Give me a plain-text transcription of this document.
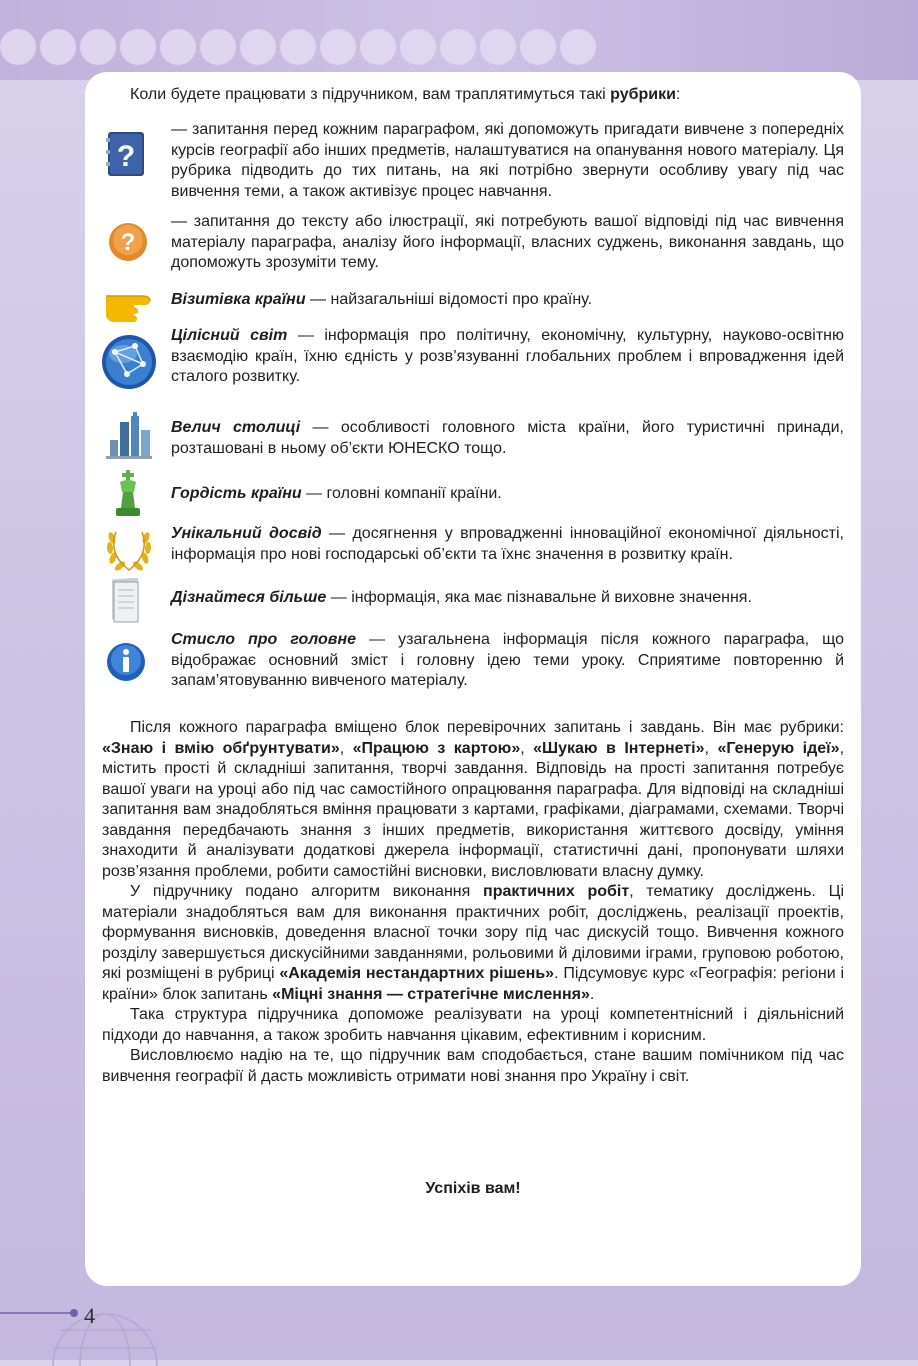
Коли будете працювати з підручником, вам траплятимуться такі рубрики:
?
— запитання перед кожним параграфом, які допоможуть пригадати вивчене з попередніх курсів географії або інших предметів, налаштуватися на опанування нового матеріалу. Ця рубрика підводить до тих питань, на які потрібно звернути особливу увагу під час вивчення теми, а також активізує процес навчання.
?
— запитання до тексту або ілюстрації, які потребують вашої відповіді під час вивчення матеріалу параграфа, аналізу його інформації, власних суджень, виконання завдань, що допоможуть зрозуміти тему.
Візитівка країни — найзагальніші відомості про країну.
Цілісний світ — інформація про політичну, економічну, культурну, науково-освітню взаємодію країн, їхню єдність у розв’язуванні глобальних проблем і впровадження ідей сталого розвитку.
Велич столиці — особливості головного міста країни, його туристичні принади, розташовані в ньому об’єкти ЮНЕСКО тощо.
Гордість країни — головні компанії країни.
Унікальний досвід — досягнення у впровадженні інноваційної економічної діяльності, інформація про нові господарські об’єкти та їхнє значення в розвитку країн.
Дізнайтеся більше — інформація, яка має пізнавальне й виховне значення.
Стисло про головне — узагальнена інформація після кожного параграфа, що відображає основний зміст і головну ідею теми уроку. Сприятиме повторенню й запам’ятовуванню вивченого матеріалу.

Після кожного параграфа вміщено блок перевірочних запитань і завдань. Він має рубрики: «Знаю і вмію обґрунтувати», «Працюю з картою», «Шукаю в Інтернеті», «Генерую ідеї», містить прості й складніші запитання, творчі завдання. Відповідь на прості запитання потребує вашої уваги на уроці або під час самостійного опрацювання параграфа. Для відповіді на складніші запитання вам знадобляться вміння працювати з картами, графіками, діаграмами, схемами. Творчі завдання передбачають знання з інших предметів, використання життєвого досвіду, уміння знаходити й аналізувати додаткові джерела інформації, статистичні дані, пропонувати шляхи розв’язання проблеми, робити самостійні висновки, висловлювати власну думку.

У підручнику подано алгоритм виконання практичних робіт, тематику досліджень. Ці матеріали знадобляться вам для виконання практичних робіт, досліджень, реалізації проектів, формування висновків, доведення власної точки зору під час дискусій тощо. Вивчення кожного розділу завершується дискусійними завданнями, рольовими й діловими іграми, груповою роботою, які розміщені в рубриці «Академія нестандартних рішень». Підсумовує курс «Географія: регіони і країни» блок запитань «Міцні знання — стратегічне мислення».

Така структура підручника допоможе реалізувати на уроці компетентнісний і діяльнісний підходи до навчання, а також зробить навчання цікавим, ефективним і корисним.

Висловлюємо надію на те, що підручник вам сподобається, стане вашим помічником під час вивчення географії й дасть можливість отримати нові знання про Україну і світ.

Успіхів вам!
4
